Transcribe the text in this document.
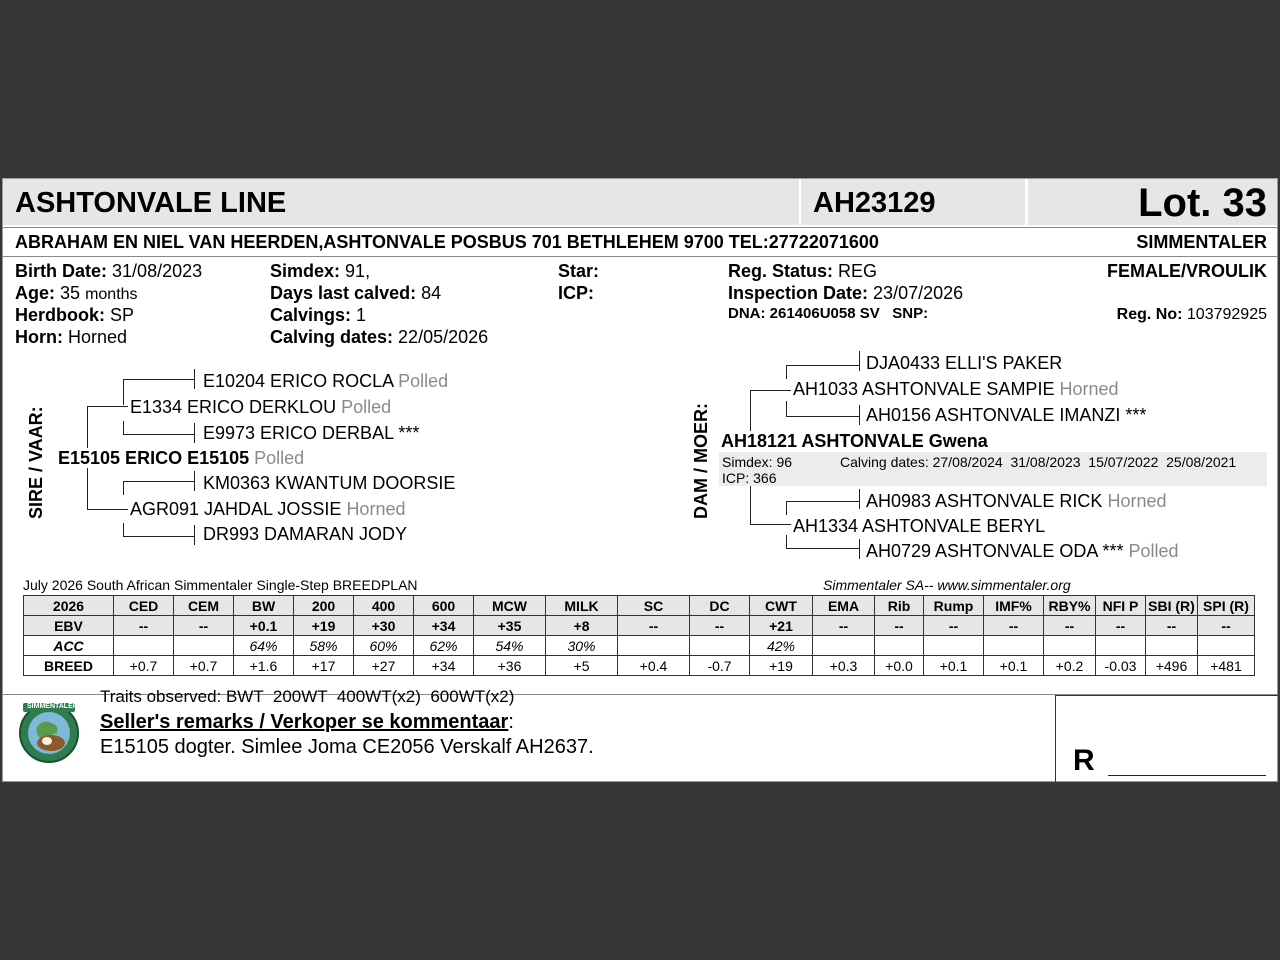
ASHTONVALE LINE	AH23129	Lot. 33
ABRAHAM EN NIEL VAN HEERDEN,ASHTONVALE POSBUS 701 BETHLEHEM 9700 TEL:27722071600	SIMMENTALER
Birth Date: 31/08/2023
Age: 35 months
Herdbook: SP
Horn: Horned
Simdex: 91,
Days last calved: 84
Calvings: 1
Calving dates: 22/05/2026
Star:
ICP:
Reg. Status: REG
Inspection Date: 23/07/2026
DNA: 261406U058 SV   SNP:
FEMALE/VROULIK
Reg. No: 103792925
SIRE / VAAR:
E10204 ERICO ROCLA Polled
E1334 ERICO DERKLOU Polled
E9973 ERICO DERBAL ***
E15105 ERICO E15105 Polled
KM0363 KWANTUM DOORSIE
AGR091 JAHDAL JOSSIE Horned
DR993 DAMARAN JODY
DAM / MOER:
DJA0433 ELLI'S PAKER
AH1033 ASHTONVALE SAMPIE Horned
AH0156 ASHTONVALE IMANZI ***
AH18121 ASHTONVALE Gwena
Simdex: 96	Calving dates: 27/08/2024  31/08/2023  15/07/2022  25/08/2021
ICP: 366
AH0983 ASHTONVALE RICK Horned
AH1334 ASHTONVALE BERYL
AH0729 ASHTONVALE ODA *** Polled
July 2026 South African Simmentaler Single-Step BREEDPLAN	Simmentaler SA-- www.simmentaler.org
2026	CED	CEM	BW	200	400	600	MCW	MILK	SC	DC	CWT	EMA	Rib	Rump	IMF%	RBY%	NFI P	SBI (R)	SPI (R)
EBV	--	--	+0.1	+19	+30	+34	+35	+8	--	--	+21	--	--	--	--	--	--	--	--
ACC			64%	58%	60%	62%	54%	30%			42%								
BREED	+0.7	+0.7	+1.6	+17	+27	+34	+36	+5	+0.4	-0.7	+19	+0.3	+0.0	+0.1	+0.1	+0.2	-0.03	+496	+481
SIMMENTALER
Traits observed: BWT  200WT  400WT(x2)  600WT(x2)
Seller's remarks / Verkoper se kommentaar:
E15105 dogter. Simlee Joma CE2056 Verskalf AH2637.	R
